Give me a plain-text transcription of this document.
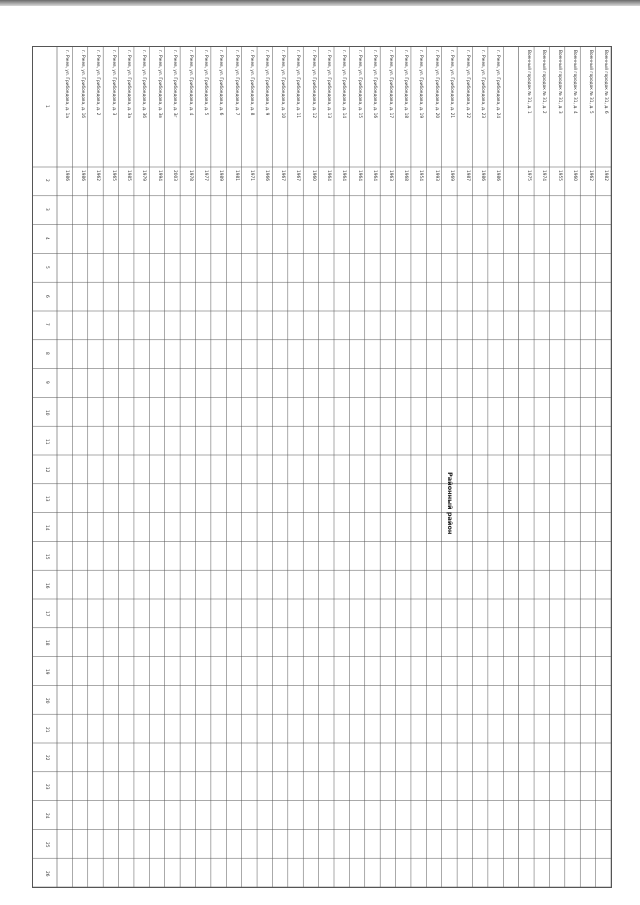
1
2
3
4
5
6
7
8
9
10
11
12
13
14
15
16
17
18
19
20
21
22
23
24
25
26
г. Ржев, ул. Грибоедова, д. 1а
1986
г. Ржев, ул. Грибоедова, д. 1б
1986
г. Ржев, ул. Грибоедова, д. 2
1962
г. Ржев, ул. Грибоедова, д. 3
1965
г. Ржев, ул. Грибоедова, д. 3а
1985
г. Ржев, ул. Грибоедова, д. 3б
1979
г. Ржев, ул. Грибоедова, д. 3в
1994
г. Ржев, ул. Грибоедова, д. 3г
2003
г. Ржев, ул. Грибоедова, д. 4
1978
г. Ржев, ул. Грибоедова, д. 5
1977
г. Ржев, ул. Грибоедова, д. 6
1989
г. Ржев, ул. Грибоедова, д. 7
1981
г. Ржев, ул. Грибоедова, д. 8
1971
г. Ржев, ул. Грибоедова, д. 9
1966
г. Ржев, ул. Грибоедова, д. 10
1967
г. Ржев, ул. Грибоедова, д. 11
1967
г. Ржев, ул. Грибоедова, д. 12
1960
г. Ржев, ул. Грибоедова, д. 13
1964
г. Ржев, ул. Грибоедова, д. 14
1964
г. Ржев, ул. Грибоедова, д. 15
1964
г. Ржев, ул. Грибоедова, д. 16
1964
г. Ржев, ул. Грибоедова, д. 17
1963
г. Ржев, ул. Грибоедова, д. 18
1968
г. Ржев, ул. Грибоедова, д. 19
1954
г. Ржев, ул. Грибоедова, д. 20
1993
г. Ржев, ул. Грибоедова, д. 21
1969
г. Ржев, ул. Грибоедова, д. 22
1987
г. Ржев, ул. Грибоедова, д. 23
1986
г. Ржев, ул. Грибоедова, д. 24
1986
Военный городок № 31, д. 1
1975
Военный городок № 31, д. 2
1974
Военный городок № 31, д. 3
1955
Военный городок № 31, д. 4
1960
Военный городок № 31, д. 5
1962
Военный городок № 31, д. 6
1982
Районный район
